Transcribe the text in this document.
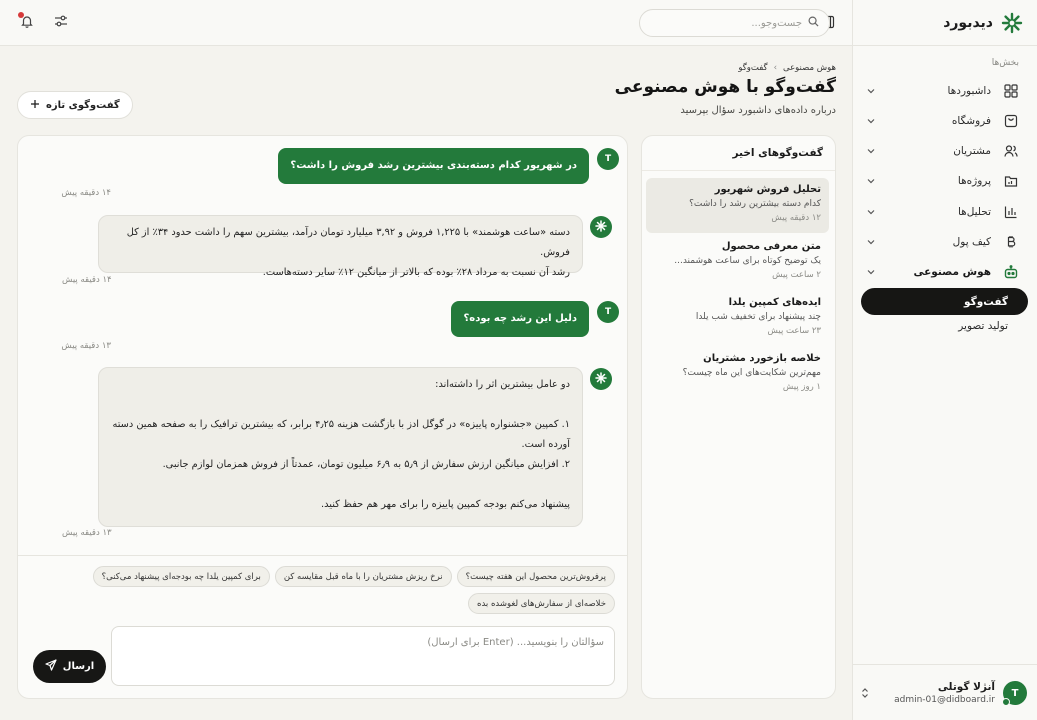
دیدبورد
بخش‌ها
داشبوردها
فروشگاه
مشتریان
پروژه‌ها
تحلیل‌ها
کیف پول
هوش مصنوعی
گفت‌وگو
تولید تصویر
T
آنژلا گوتلی
admin-01@didboard.ir
جست‌وجو...
هوش مصنوعی
›
گفت‌وگو
گفت‌وگو با هوش مصنوعی
درباره داده‌های داشبورد سؤال بپرسید
گفت‌وگوی تازه
گفت‌وگوهای اخیر
تحلیل فروش شهریور
کدام دسته بیشترین رشد را داشت؟
۱۲ دقیقه پیش
متن معرفی محصول
یک توضیح کوتاه برای ساعت هوشمند...
۲ ساعت پیش
ایده‌های کمپین یلدا
چند پیشنهاد برای تخفیف شب یلدا
۲۳ ساعت پیش
خلاصه بازخورد مشتریان
مهم‌ترین شکایت‌های این ماه چیست؟
۱ روز پیش
T
در شهریور کدام دسته‌بندی بیشترین رشد فروش را داشت؟
۱۴ دقیقه پیش

دسته «ساعت هوشمند» با ۱,۲۲۵ فروش و ۳,۹۲ میلیارد تومان درآمد، بیشترین سهم را داشت حدود ۳۴٪ از کل فروش.

رشد آن نسبت به مرداد ۲۸٪ بوده که بالاتر از میانگین ۱۲٪ سایر دسته‌هاست.

۱۴ دقیقه پیش
T
دلیل این رشد چه بوده؟
۱۳ دقیقه پیش

دو عامل بیشترین اثر را داشته‌اند:

۱. کمپین «جشنواره پاییزه» در گوگل ادز با بازگشت هزینه ۴٫۲۵ برابر، که بیشترین ترافیک را به صفحه همین دسته آورده است.

۲. افزایش میانگین ارزش سفارش از ۵٫۹ به ۶٫۹ میلیون تومان، عمدتاً از فروش همزمان لوازم جانبی.

پیشنهاد می‌کنم بودجه کمپین پاییزه را برای مهر هم حفظ کنید.

۱۳ دقیقه پیش
پرفروش‌ترین محصول این هفته چیست؟
نرخ ریزش مشتریان را با ماه قبل مقایسه کن
برای کمپین یلدا چه بودجه‌ای پیشنهاد می‌کنی؟
خلاصه‌ای از سفارش‌های لغوشده بده
سؤالتان را بنویسید... (Enter برای ارسال)
ارسال
